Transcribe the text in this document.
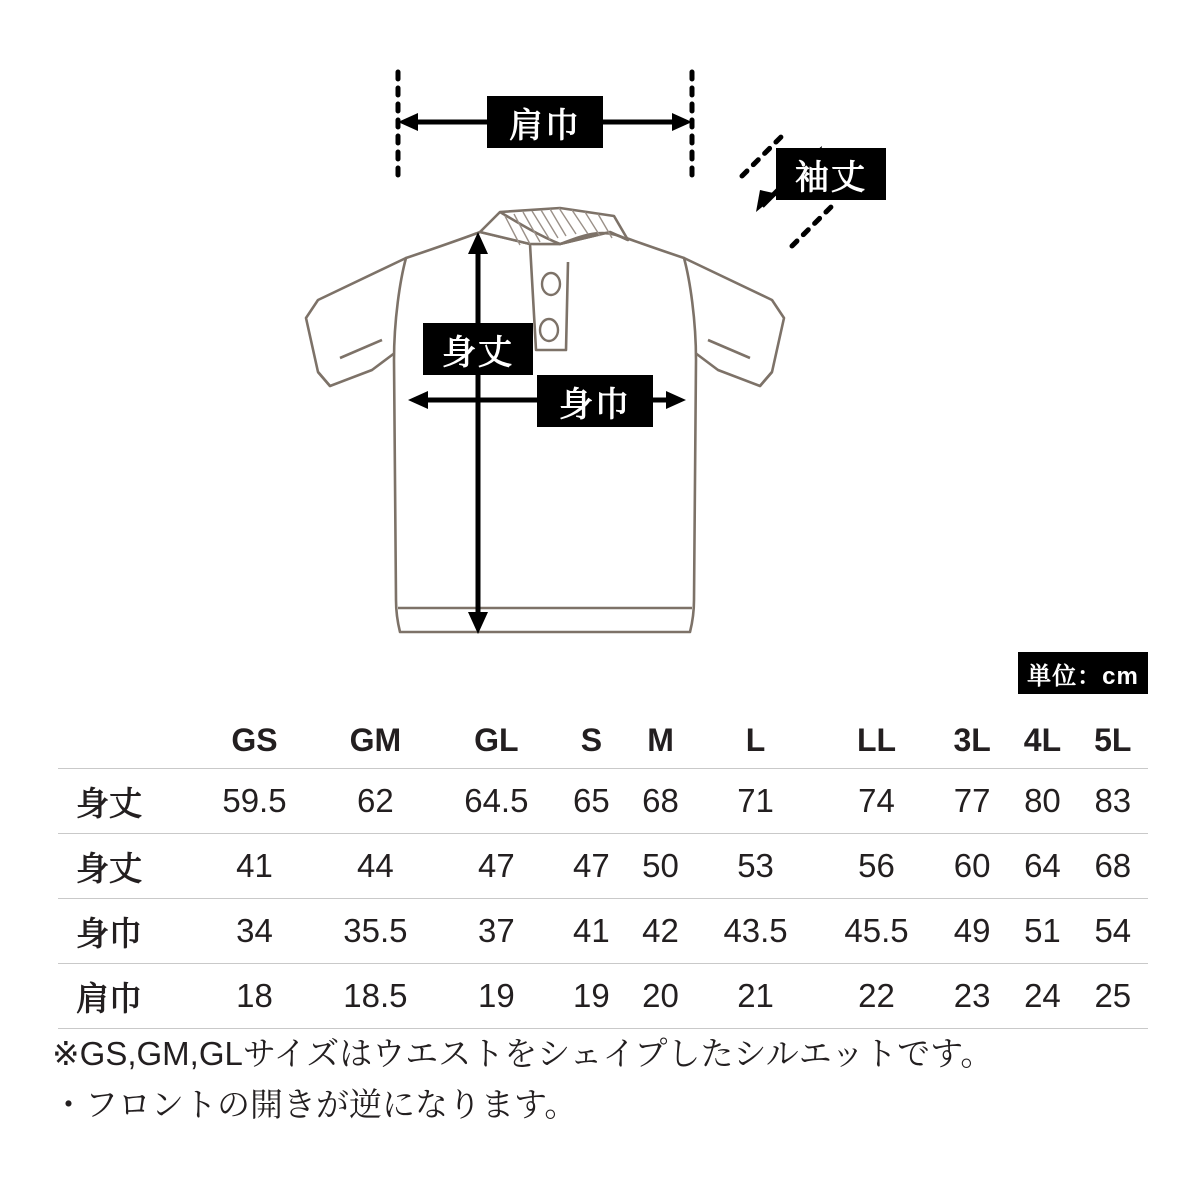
肩巾
袖丈
身丈
身巾
単位：cm
	GS	GM	GL	S	M	L	LL	3L	4L	5L
身丈	59.5	62	64.5	65	68	71	74	77	80	83
身丈	41	44	47	47	50	53	56	60	64	68
身巾	34	35.5	37	41	42	43.5	45.5	49	51	54
肩巾	18	18.5	19	19	20	21	22	23	24	25
※GS,GM,GLサイズはウエストをシェイプしたシルエットです。
・フロントの開きが逆になります。
